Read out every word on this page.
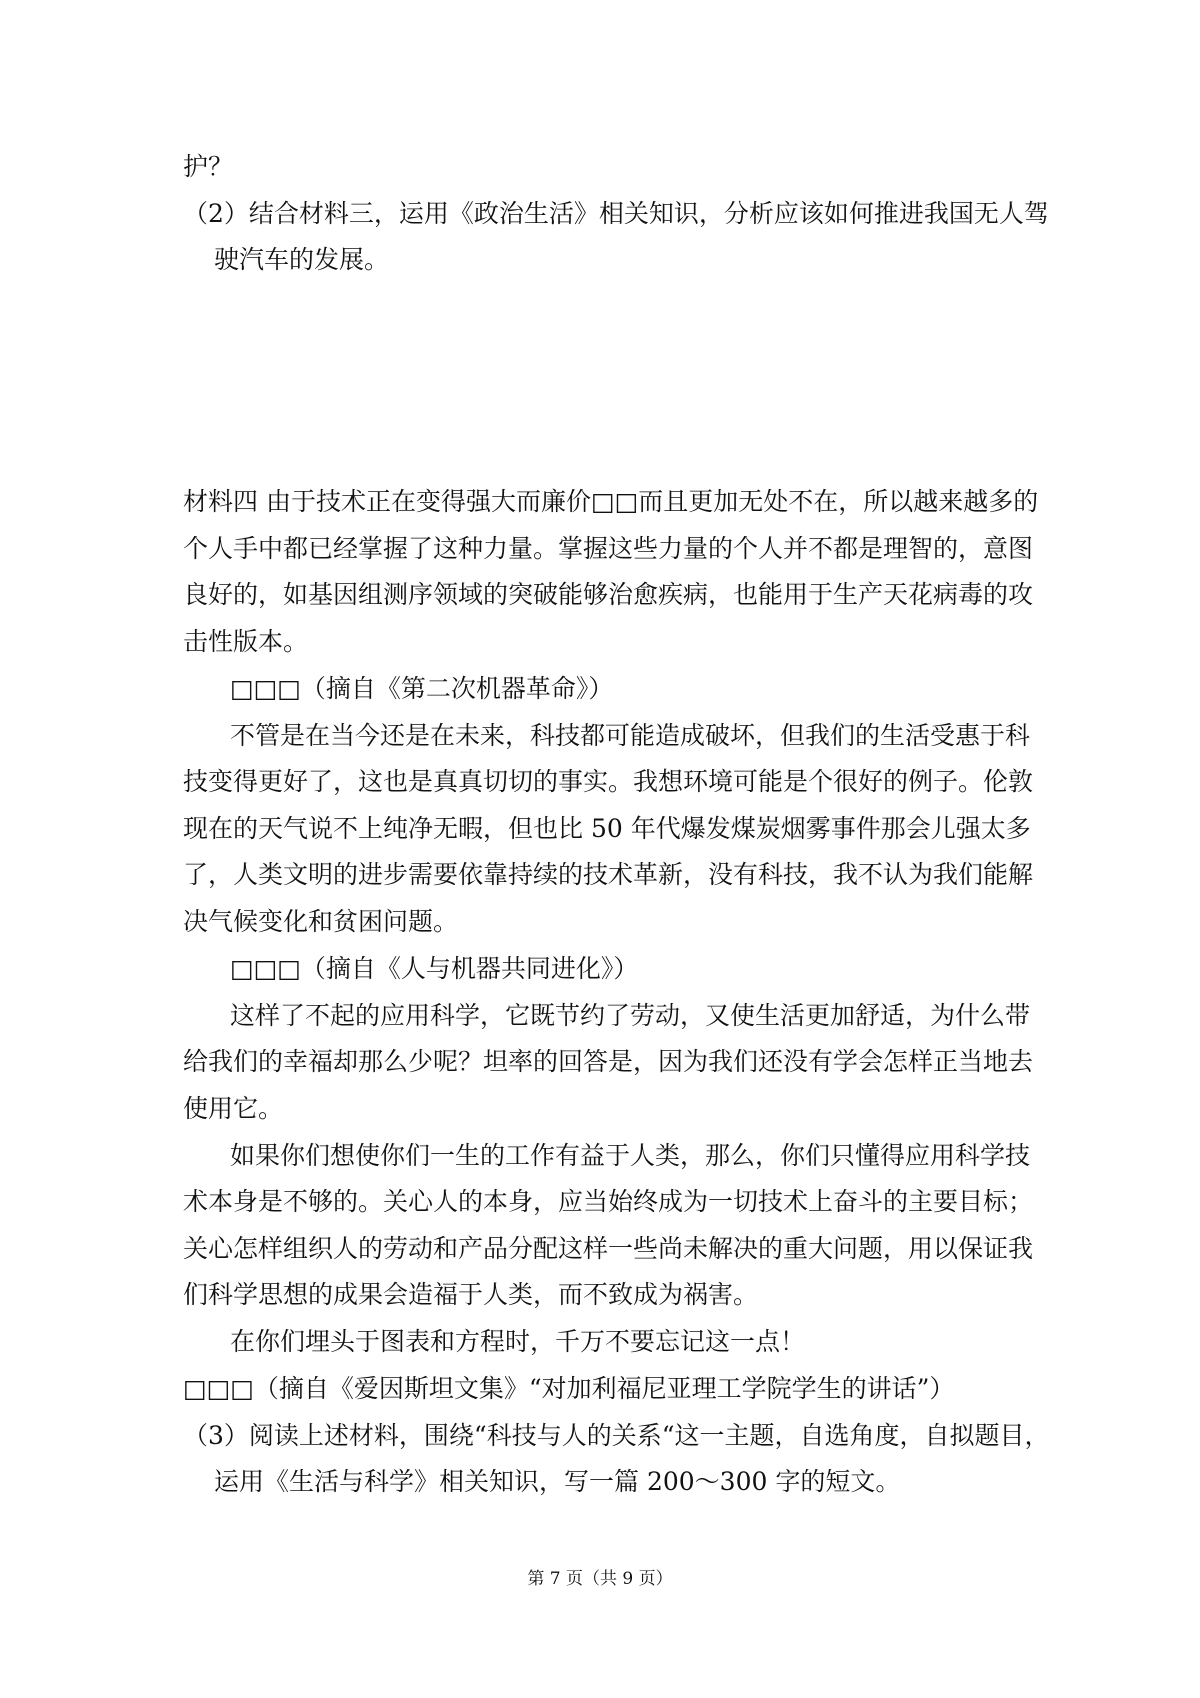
护？
（2）结合材料三，运用《政治生活》相关知识，分析应该如何推进我国无人驾
驶汽车的发展。
材料四 由于技术正在变得强大而廉价□□而且更加无处不在，所以越来越多的
个人手中都已经掌握了这种力量。掌握这些力量的个人并不都是理智的，意图
良好的，如基因组测序领域的突破能够治愈疾病，也能用于生产天花病毒的攻
击性版本。
□□□（摘自《第二次机器革命》）
不管是在当今还是在未来，科技都可能造成破坏，但我们的生活受惠于科
技变得更好了，这也是真真切切的事实。我想环境可能是个很好的例子。伦敦
现在的天气说不上纯净无暇，但也比 50 年代爆发煤炭烟雾事件那会儿强太多
了，人类文明的进步需要依靠持续的技术革新，没有科技，我不认为我们能解
决气候变化和贫困问题。
□□□（摘自《人与机器共同进化》）
这样了不起的应用科学，它既节约了劳动，又使生活更加舒适，为什么带
给我们的幸福却那么少呢？坦率的回答是，因为我们还没有学会怎样正当地去
使用它。
如果你们想使你们一生的工作有益于人类，那么，你们只懂得应用科学技
术本身是不够的。关心人的本身，应当始终成为一切技术上奋斗的主要目标；
关心怎样组织人的劳动和产品分配这样一些尚未解决的重大问题，用以保证我
们科学思想的成果会造福于人类，而不致成为祸害。
在你们埋头于图表和方程时，千万不要忘记这一点！
□□□（摘自《爱因斯坦文集》“对加利福尼亚理工学院学生的讲话”）
（3）阅读上述材料，围绕“科技与人的关系“这一主题，自选角度，自拟题目，
运用《生活与科学》相关知识，写一篇 200～300 字的短文。
第 7 页（共 9 页）
